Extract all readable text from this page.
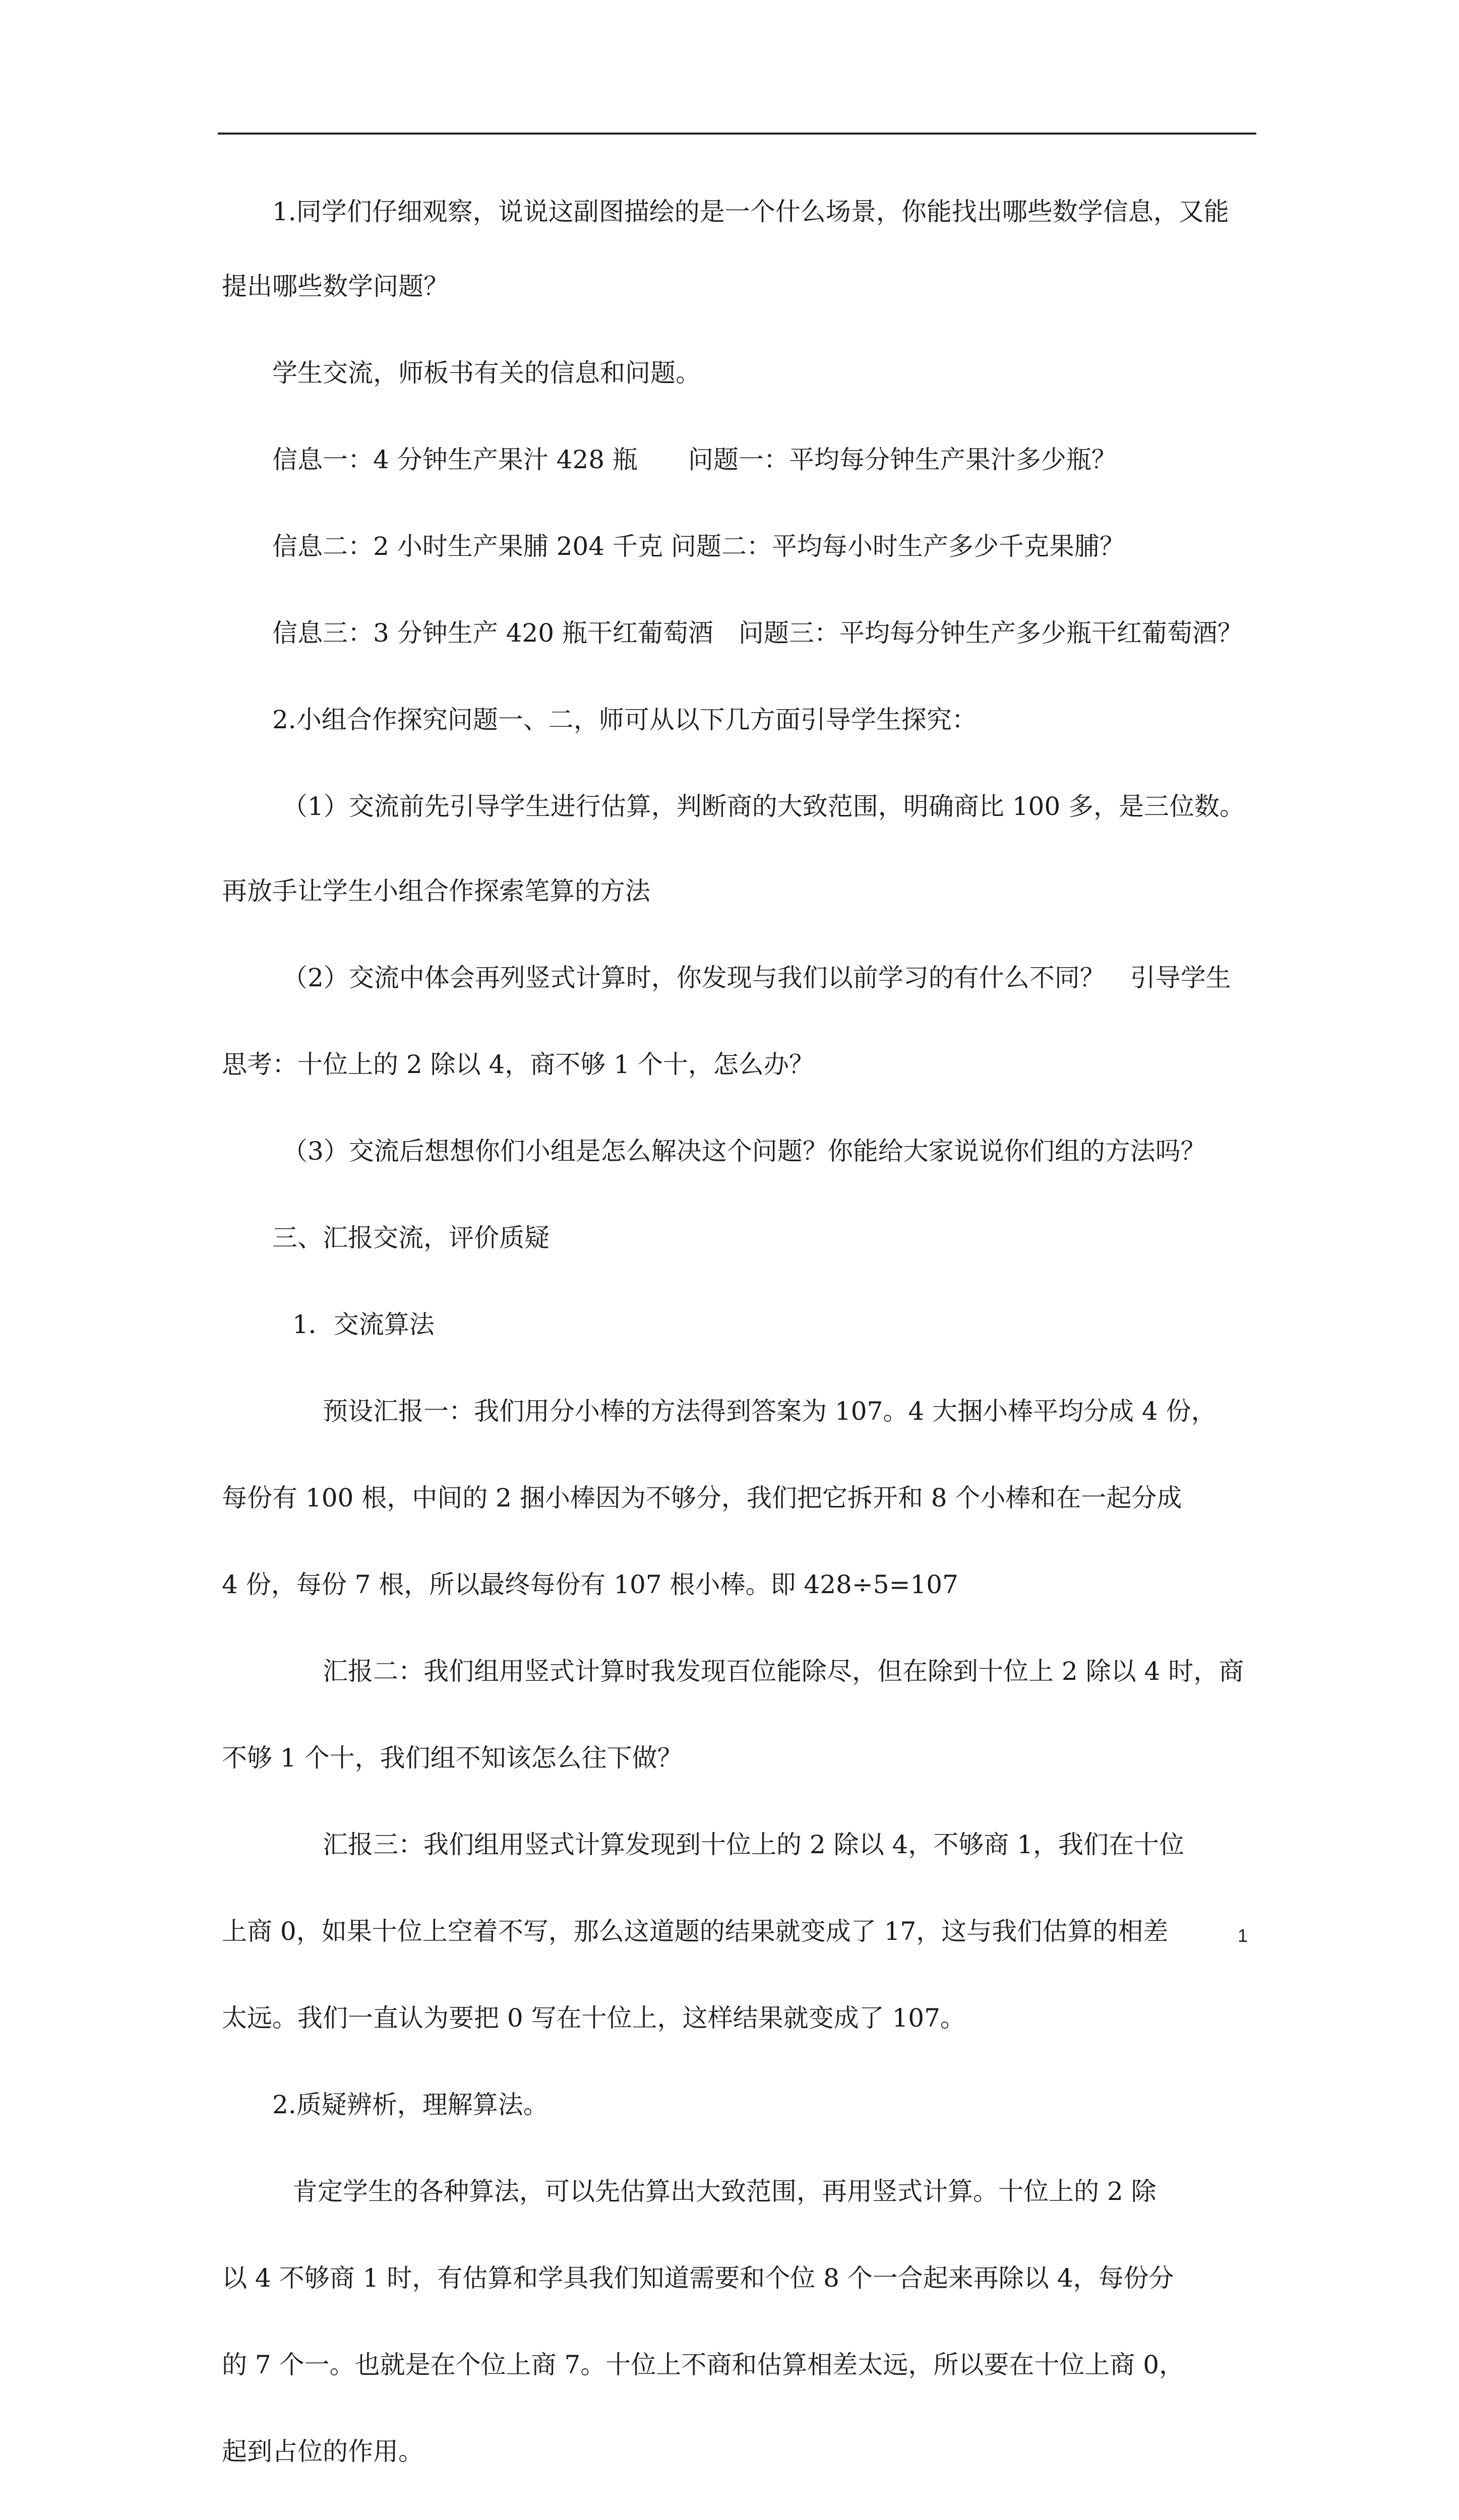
1.同学们仔细观察，说说这副图描绘的是一个什么场景，你能找出哪些数学信息，又能
提出哪些数学问题？
学生交流，师板书有关的信息和问题。
信息一：4 分钟生产果汁 428 瓶　　问题一：平均每分钟生产果汁多少瓶？
信息二：2 小时生产果脯 204 千克 问题二：平均每小时生产多少千克果脯？
信息三：3 分钟生产 420 瓶干红葡萄酒　问题三：平均每分钟生产多少瓶干红葡萄酒？
2.小组合作探究问题一、二，师可从以下几方面引导学生探究：
（1）交流前先引导学生进行估算，判断商的大致范围，明确商比 100 多，是三位数。
再放手让学生小组合作探索笔算的方法
（2）交流中体会再列竖式计算时，你发现与我们以前学习的有什么不同？　引导学生
思考：十位上的 2 除以 4，商不够 1 个十，怎么办？
（3）交流后想想你们小组是怎么解决这个问题？你能给大家说说你们组的方法吗？
三、汇报交流，评价质疑
1．交流算法
预设汇报一：我们用分小棒的方法得到答案为 107。4 大捆小棒平均分成 4 份，
每份有 100 根，中间的 2 捆小棒因为不够分，我们把它拆开和 8 个小棒和在一起分成
4 份，每份 7 根，所以最终每份有 107 根小棒。即 428÷5=107
汇报二：我们组用竖式计算时我发现百位能除尽，但在除到十位上 2 除以 4 时，商
不够 1 个十，我们组不知该怎么往下做？
汇报三：我们组用竖式计算发现到十位上的 2 除以 4，不够商 1，我们在十位
上商 0，如果十位上空着不写，那么这道题的结果就变成了 17，这与我们估算的相差
太远。我们一直认为要把 0 写在十位上，这样结果就变成了 107。
2.质疑辨析，理解算法。
肯定学生的各种算法，可以先估算出大致范围，再用竖式计算。十位上的 2 除
以 4 不够商 1 时，有估算和学具我们知道需要和个位 8 个一合起来再除以 4，每份分
的 7 个一。也就是在个位上商 7。十位上不商和估算相差太远，所以要在十位上商 0，
起到占位的作用。
1
